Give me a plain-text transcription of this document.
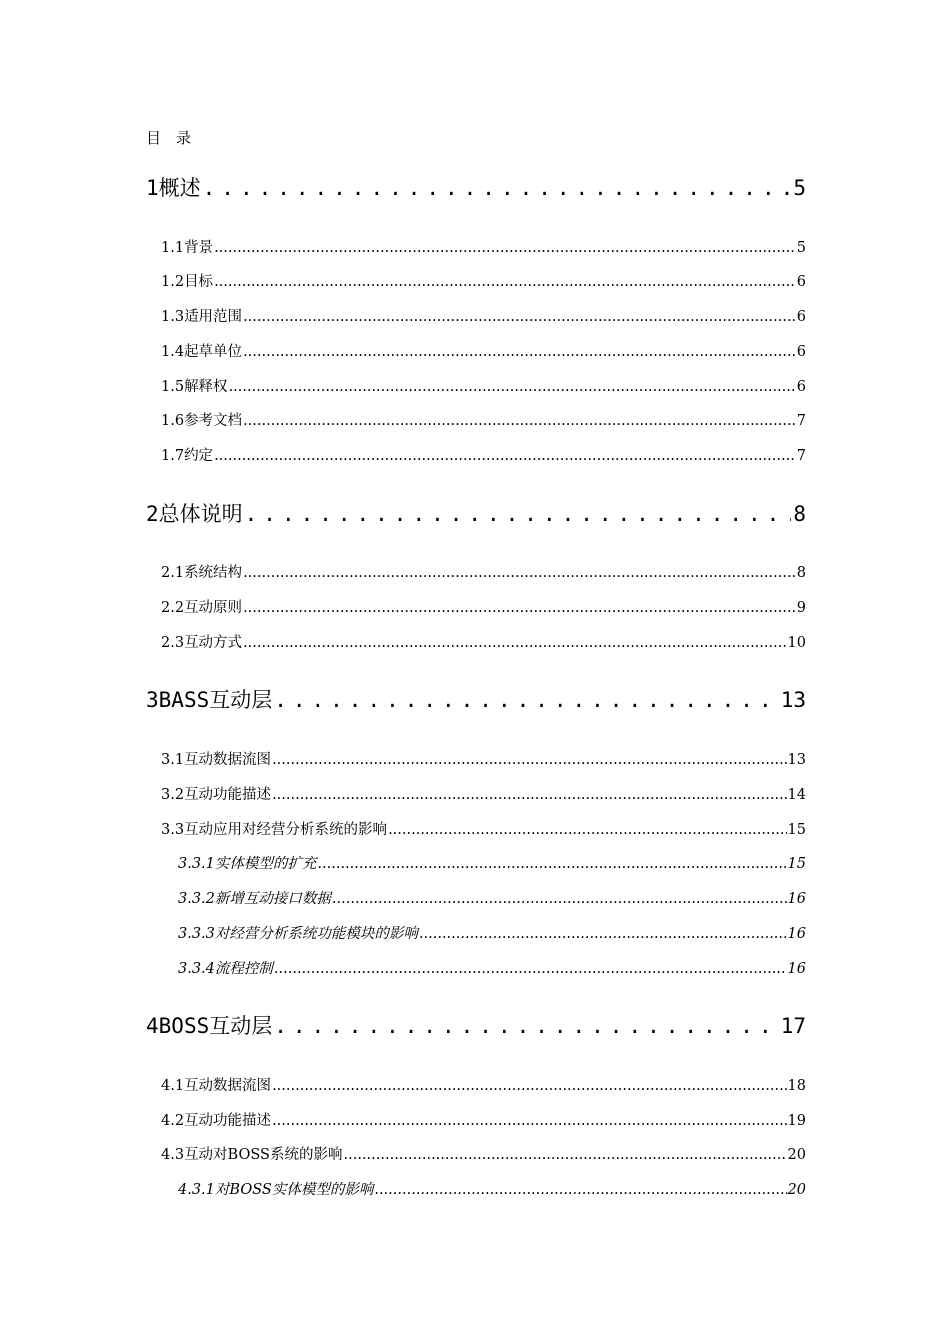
目　录
1 概述 .....	5
1.1 背景 .....	5
1.2 目标 .....	6
1.3 适用范围 .....	6
1.4 起草单位 .....	6
1.5 解释权 .....	6
1.6 参考文档 .....	7
1.7 约定 .....	7
2 总体说明 .....	8
2.1 系统结构 .....	8
2.2 互动原则 .....	9
2.3 互动方式 .....	10
3 BASS互动层 .....	13
3.1 互动数据流图 .....	13
3.2 互动功能描述 .....	14
3.3 互动应用对经营分析系统的影响 .....	15
3.3.1 实体模型的扩充 .....	15
3.3.2 新增互动接口数据 .....	16
3.3.3 对经营分析系统功能模块的影响 .....	16
3.3.4 流程控制 .....	16
4 BOSS互动层 .....	17
4.1 互动数据流图 .....	18
4.2 互动功能描述 .....	19
4.3 互动对BOSS系统的影响 .....	20
4.3.1 对BOSS实体模型的影响 .....	20
